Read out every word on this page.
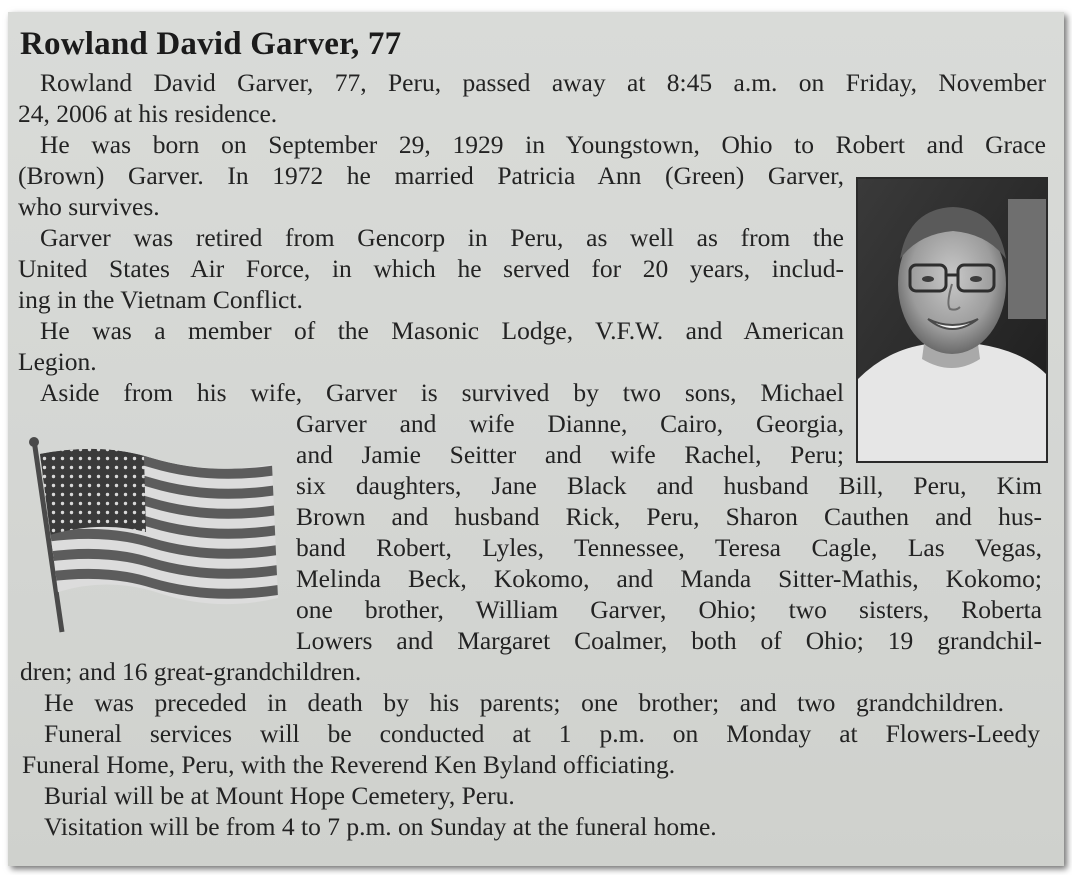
Rowland David Garver, 77
Rowland David Garver, 77, Peru, passed away at 8:45 a.m. on Friday, November
24, 2006 at his residence.
He was born on September 29, 1929 in Youngstown, Ohio to Robert and Grace
(Brown) Garver. In 1972 he married Patricia Ann (Green) Garver,
who survives.
Garver was retired from Gencorp in Peru, as well as from the
United States Air Force, in which he served for 20 years, includ-
ing in the Vietnam Conflict.
He was a member of the Masonic Lodge, V.F.W. and American
Legion.
Aside from his wife, Garver is survived by two sons, Michael
Garver and wife Dianne, Cairo, Georgia,
and Jamie Seitter and wife Rachel, Peru;
six daughters, Jane Black and husband Bill, Peru, Kim
Brown and husband Rick, Peru, Sharon Cauthen and hus-
band Robert, Lyles, Tennessee, Teresa Cagle, Las Vegas,
Melinda Beck, Kokomo, and Manda Sitter-Mathis, Kokomo;
one brother, William Garver, Ohio; two sisters, Roberta
Lowers and Margaret Coalmer, both of Ohio; 19 grandchil-
dren; and 16 great-grandchildren.
He was preceded in death by his parents; one brother; and two grandchildren.
Funeral services will be conducted at 1 p.m. on Monday at Flowers-Leedy
Funeral Home, Peru, with the Reverend Ken Byland officiating.
Burial will be at Mount Hope Cemetery, Peru.
Visitation will be from 4 to 7 p.m. on Sunday at the funeral home.
